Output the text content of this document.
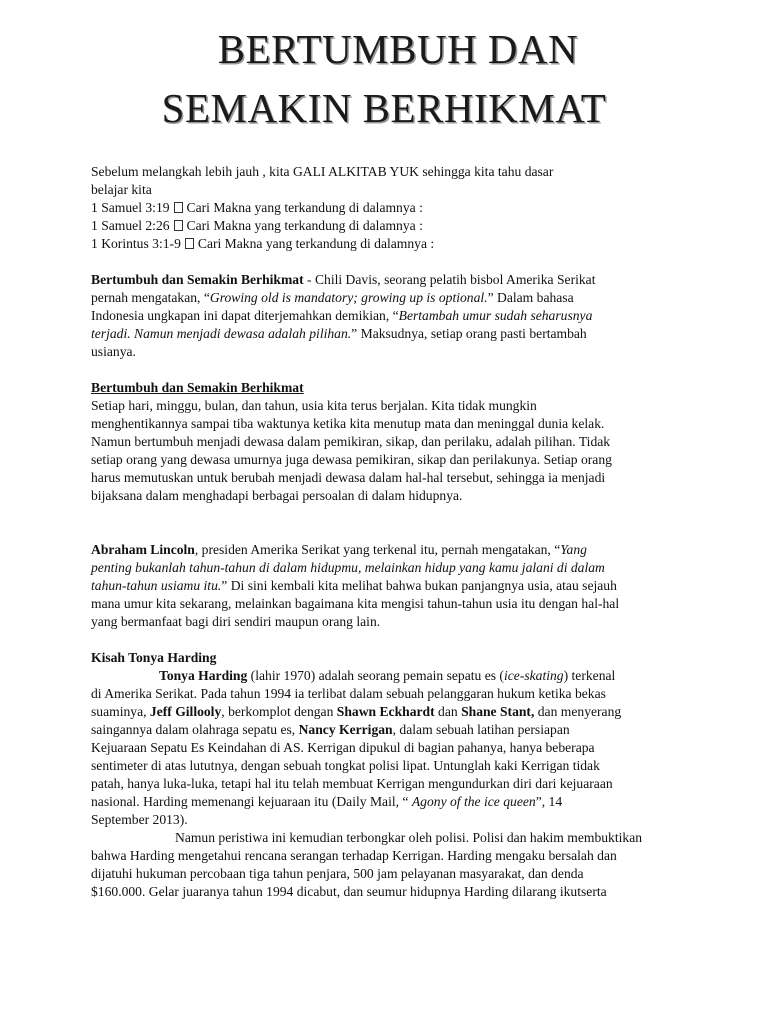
BERTUMBUH DAN
SEMAKIN BERHIKMAT

Sebelum melangkah lebih jauh , kita GALI ALKITAB YUK sehingga kita tahu dasar

belajar kita

1 Samuel 3:19 Cari Makna yang terkandung di dalamnya :

1 Samuel 2:26 Cari Makna yang terkandung di dalamnya :

1 Korintus 3:1-9 Cari Makna yang terkandung di dalamnya :

Bertumbuh dan Semakin Berhikmat - Chili Davis, seorang pelatih bisbol Amerika Serikat

pernah mengatakan, “Growing old is mandatory; growing up is optional.” Dalam bahasa

Indonesia ungkapan ini dapat diterjemahkan demikian, “Bertambah umur sudah seharusnya

terjadi. Namun menjadi dewasa adalah pilihan.” Maksudnya, setiap orang pasti bertambah

usianya.

Bertumbuh dan Semakin Berhikmat

Setiap hari, minggu, bulan, dan tahun, usia kita terus berjalan. Kita tidak mungkin

menghentikannya sampai tiba waktunya ketika kita menutup mata dan meninggal dunia kelak.

Namun bertumbuh menjadi dewasa dalam pemikiran, sikap, dan perilaku, adalah pilihan. Tidak

setiap orang yang dewasa umurnya juga dewasa pemikiran, sikap dan perilakunya. Setiap orang

harus memutuskan untuk berubah menjadi dewasa dalam hal-hal tersebut, sehingga ia menjadi

bijaksana dalam menghadapi berbagai persoalan di dalam hidupnya.

Abraham Lincoln, presiden Amerika Serikat yang terkenal itu, pernah mengatakan, “Yang

penting bukanlah tahun-tahun di dalam hidupmu, melainkan hidup yang kamu jalani di dalam

tahun-tahun usiamu itu.” Di sini kembali kita melihat bahwa bukan panjangnya usia, atau sejauh

mana umur kita sekarang, melainkan bagaimana kita mengisi tahun-tahun usia itu dengan hal-hal

yang bermanfaat bagi diri sendiri maupun orang lain.

Kisah Tonya Harding

Tonya Harding (lahir 1970) adalah seorang pemain sepatu es (ice-skating) terkenal

di Amerika Serikat. Pada tahun 1994 ia terlibat dalam sebuah pelanggaran hukum ketika bekas

suaminya, Jeff Gillooly, berkomplot dengan Shawn Eckhardt dan Shane Stant, dan menyerang

saingannya dalam olahraga sepatu es, Nancy Kerrigan, dalam sebuah latihan persiapan

Kejuaraan Sepatu Es Keindahan di AS. Kerrigan dipukul di bagian pahanya, hanya beberapa

sentimeter di atas lututnya, dengan sebuah tongkat polisi lipat. Untunglah kaki Kerrigan tidak

patah, hanya luka-luka, tetapi hal itu telah membuat Kerrigan mengundurkan diri dari kejuaraan

nasional. Harding memenangi kejuaraan itu (Daily Mail, “ Agony of the ice queen”, 14

September 2013).

Namun peristiwa ini kemudian terbongkar oleh polisi. Polisi dan hakim membuktikan

bahwa Harding mengetahui rencana serangan terhadap Kerrigan. Harding mengaku bersalah dan

dijatuhi hukuman percobaan tiga tahun penjara, 500 jam pelayanan masyarakat, dan denda

$160.000. Gelar juaranya tahun 1994 dicabut, dan seumur hidupnya Harding dilarang ikutserta
